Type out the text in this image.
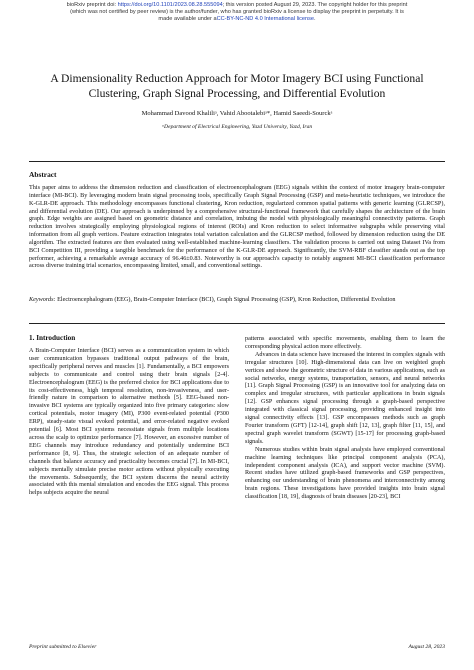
bioRxiv preprint doi: https://doi.org/10.1101/2023.08.28.555094; this version posted August 29, 2023. The copyright holder for this preprint
(which was not certified by peer review) is the author/funder, who has granted bioRxiv a license to display the preprint in perpetuity. It is
made available under aCC-BY-NC-ND 4.0 International license.
A Dimensionality Reduction Approach for Motor Imagery BCI using Functional Clustering, Graph Signal Processing, and Differential Evolution
Mohammad Davood Khaliliᵃ, Vahid Abootalebiᵃ*, Hamid Saeedi-Sourckᵃ
ᵃDepartment of Electrical Engineering, Yazd University, Yazd, Iran
Abstract

This paper aims to address the dimension reduction and classification of electroencephalogram (EEG) signals within the context of motor imagery brain-computer interface (MI-BCI). By leveraging modern brain signal processing tools, specifically Graph Signal Processing (GSP) and meta-heuristic techniques, we introduce the K-GLR-DE approach. This methodology encompasses functional clustering, Kron reduction, regularized common spatial patterns with generic learning (GLRCSP), and differential evolution (DE). Our approach is underpinned by a comprehensive structural-functional framework that carefully shapes the architecture of the brain graph. Edge weights are assigned based on geometric distance and correlation, imbuing the model with physiologically meaningful connectivity patterns. Graph reduction involves strategically employing physiological regions of interest (ROIs) and Kron reduction to select informative subgraphs while preserving vital information from all graph vertices. Feature extraction integrates total variation calculation and the GLRCSP method, followed by dimension reduction using the DE algorithm. The extracted features are then evaluated using well-established machine-learning classifiers. The validation process is carried out using Dataset IVa from BCI Competition III, providing a tangible benchmark for the performance of the K-GLR-DE approach. Significantly, the SVM-RBF classifier stands out as the top performer, achieving a remarkable average accuracy of 96.46±0.83. Noteworthy is our approach's capacity to notably augment MI-BCI classification performance across diverse training trial scenarios, encompassing limited, small, and conventional settings.

Keywords: Electroencephalogram (EEG), Brain-Computer Interface (BCI), Graph Signal Processing (GSP), Kron Reduction, Differential Evolution

1. Introduction

A Brain-Computer Interface (BCI) serves as a communication system in which user communication bypasses traditional output pathways of the brain, specifically peripheral nerves and muscles [1]. Fundamentally, a BCI empowers subjects to communicate and control using their brain signals [2-4]. Electroencephalogram (EEG) is the preferred choice for BCI applications due to its cost-effectiveness, high temporal resolution, non-invasiveness, and user-friendly nature in comparison to alternative methods [5]. EEG-based non-invasive BCI systems are typically organized into five primary categories: slow cortical potentials, motor imagery (MI), P300 event-related potential (P300 ERP), steady-state visual evoked potential, and error-related negative evoked potential [6]. Most BCI systems necessitate signals from multiple locations across the scalp to optimize performance [7]. However, an excessive number of EEG channels may introduce redundancy and potentially undermine BCI performance [8, 9]. Thus, the strategic selection of an adequate number of channels that balance accuracy and practicality becomes crucial [7]. In MI-BCI, subjects mentally simulate precise motor actions without physically executing the movements. Subsequently, the BCI system discerns the neural activity associated with this mental simulation and encodes the EEG signal. This process helps subjects acquire the neural

patterns associated with specific movements, enabling them to learn the corresponding physical action more effectively.

Advances in data science have increased the interest in complex signals with irregular structures [10]. High-dimensional data can live on weighted graph vertices and show the geometric structure of data in various applications, such as social networks, energy systems, transportation, sensors, and neural networks [11]. Graph Signal Processing (GSP) is an innovative tool for analyzing data on complex and irregular structures, with particular applications in brain signals [12]. GSP enhances signal processing through a graph-based perspective integrated with classical signal processing, providing enhanced insight into signal connectivity effects [13]. GSP encompasses methods such as graph Fourier transform (GFT) [12-14], graph shift [12, 13], graph filter [11, 15], and spectral graph wavelet transform (SGWT) [15-17] for processing graph-based signals.

Numerous studies within brain signal analysis have employed conventional machine learning techniques like principal component analysis (PCA), independent component analysis (ICA), and support vector machine (SVM). Recent studies have utilized graph-based frameworks and GSP perspectives, enhancing our understanding of brain phenomena and interconnectivity among brain regions. These investigations have provided insights into brain signal classification [18, 19], diagnosis of brain diseases [20-23], BCI

Preprint submitted to Elsevier	August 28, 2023
